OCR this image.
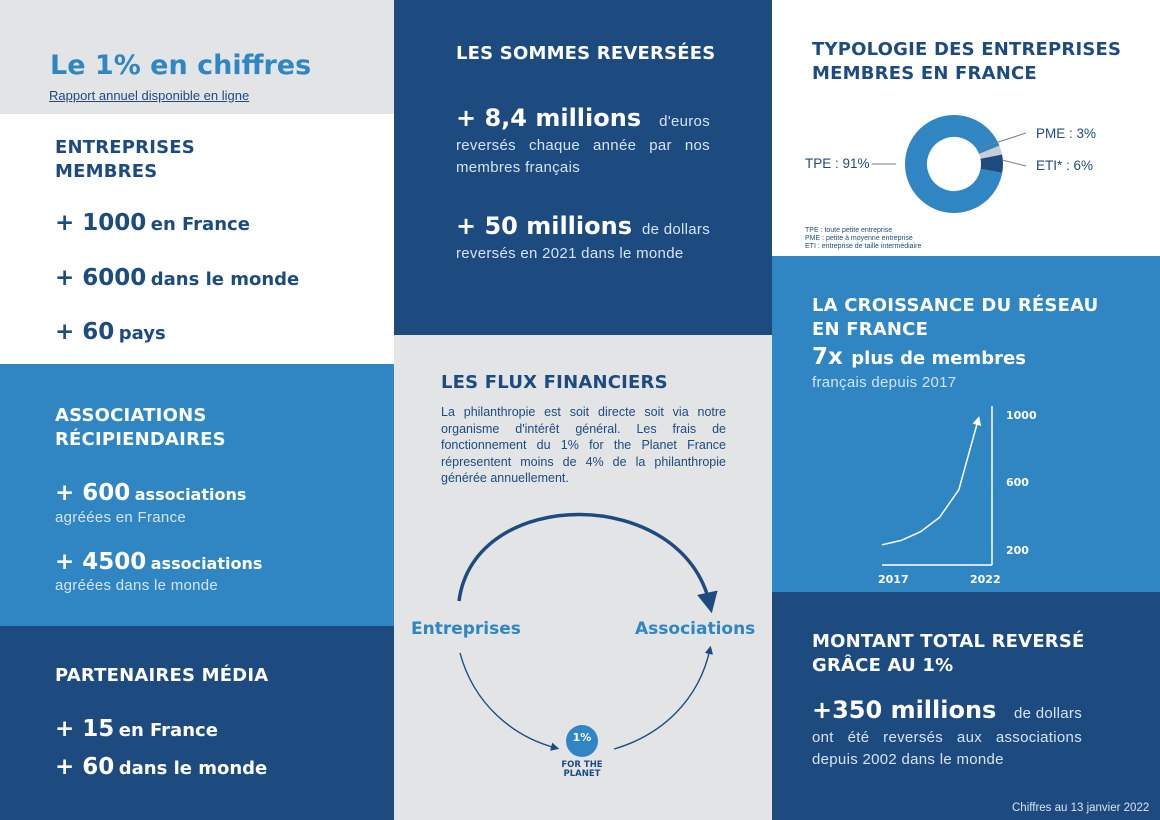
Le 1% en chiffres
Rapport annuel disponible en ligne
ENTREPRISES
MEMBRES
+ 1000 en France
+ 6000 dans le monde
+ 60 pays
ASSOCIATIONS
RÉCIPIENDAIRES
+ 600 associations
agréées en France
+ 4500 associations
agréées dans le monde
PARTENAIRES MÉDIA
+ 15 en France
+ 60 dans le monde
LES SOMMES REVERSÉES
+ 8,4 millions d'euros
reversés chaque année par nos
membres français
+ 50 millions de dollars
reversés en 2021 dans le monde
LES FLUX FINANCIERS
La philanthropie est soit directe soit via notre
organisme d'intérêt général. Les frais de
fonctionnement du 1% for the Planet France
répresentent moins de 4% de la philanthropie
générée annuellement.
Entreprises	Associations
1%
FOR THE
PLANET
TYPOLOGIE DES ENTREPRISES
MEMBRES EN FRANCE
TPE : 91%
PME : 3%
ETI* : 6%
TPE : toute petite entreprise
PME : petite à moyenne entreprise
ETI : entreprise de taille intermédiaire
LA CROISSANCE DU RÉSEAU
EN FRANCE
7x plus de membres
français depuis 2017
1000
600
200
2017	2022
MONTANT TOTAL REVERSÉ
GRÂCE AU 1%
+350 millions de dollars
ont été reversés aux associations
depuis 2002 dans le monde
Chiffres au 13 janvier 2022
